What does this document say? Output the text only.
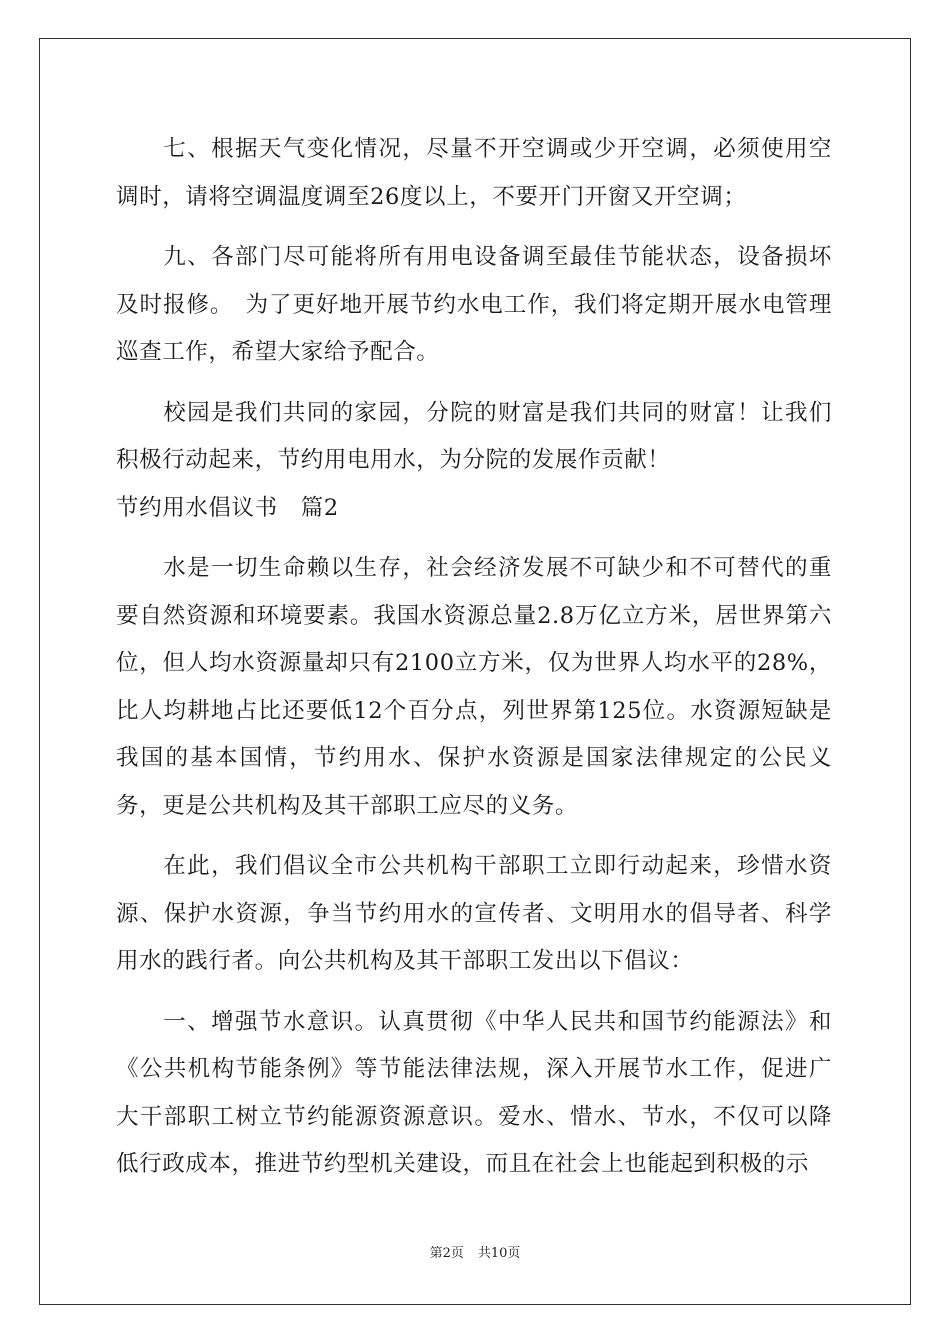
七、根据天气变化情况，尽量不开空调或少开空调，必须使用空调时，请将空调温度调至26度以上，不要开门开窗又开空调；

九、各部门尽可能将所有用电设备调至最佳节能状态，设备损坏及时报修。　为了更好地开展节约水电工作，我们将定期开展水电管理巡查工作，希望大家给予配合。

校园是我们共同的家园，分院的财富是我们共同的财富！让我们积极行动起来，节约用电用水，为分院的发展作贡献！

节约用水倡议书　篇2

水是一切生命赖以生存，社会经济发展不可缺少和不可替代的重要自然资源和环境要素。我国水资源总量2.8万亿立方米，居世界第六位，但人均水资源量却只有2100立方米，仅为世界人均水平的28%，比人均耕地占比还要低12个百分点，列世界第125位。水资源短缺是我国的基本国情，节约用水、保护水资源是国家法律规定的公民义务，更是公共机构及其干部职工应尽的义务。

在此，我们倡议全市公共机构干部职工立即行动起来，珍惜水资源、保护水资源，争当节约用水的宣传者、文明用水的倡导者、科学用水的践行者。向公共机构及其干部职工发出以下倡议：

一、增强节水意识。认真贯彻《中华人民共和国节约能源法》和《公共机构节能条例》等节能法律法规，深入开展节水工作，促进广大干部职工树立节约能源资源意识。爱水、惜水、节水，不仅可以降低行政成本，推进节约型机关建设，而且在社会上也能起到积极的示

第2页 共10页
